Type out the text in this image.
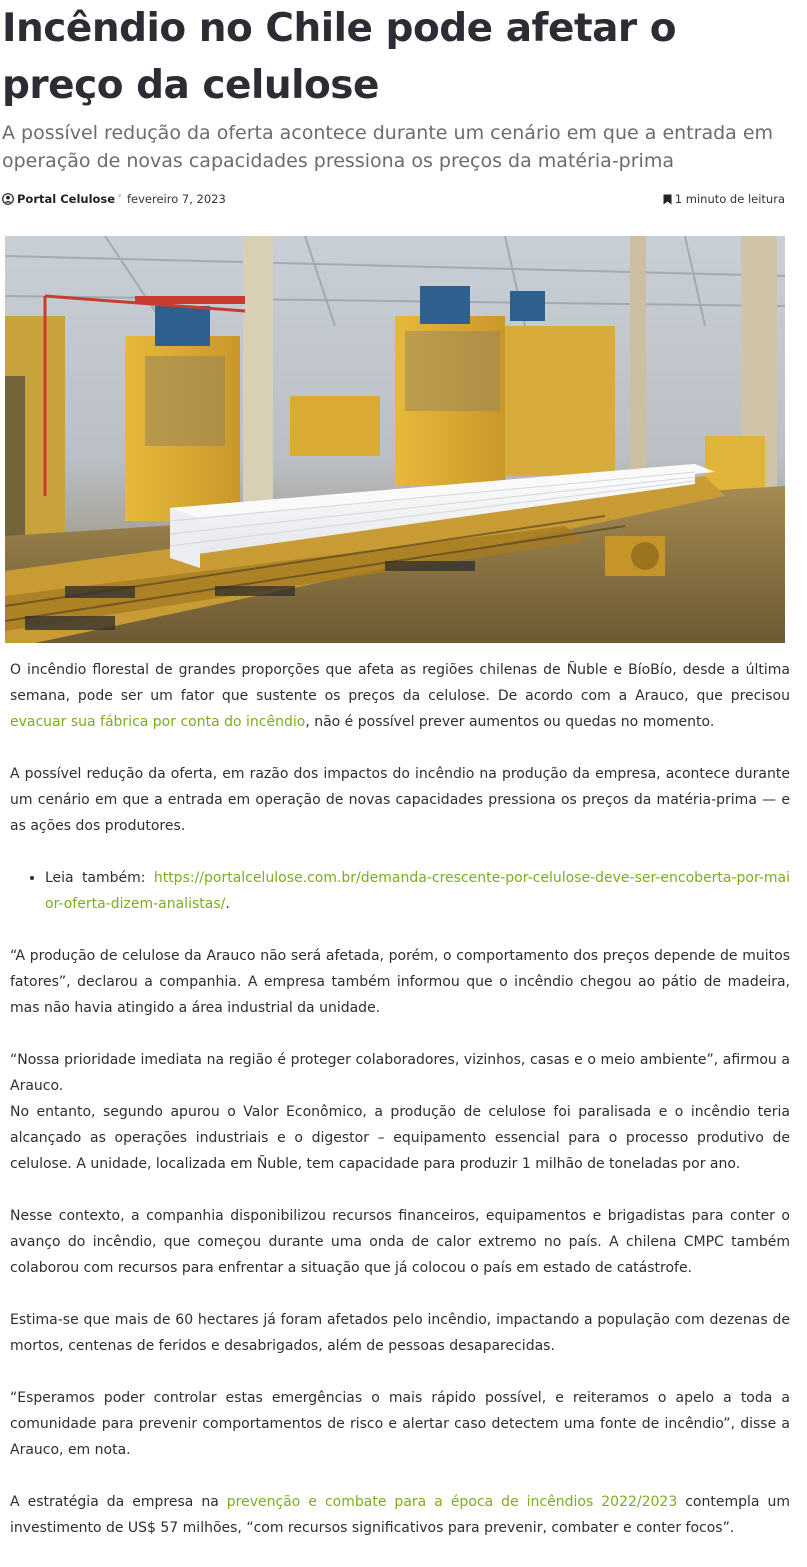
Incêndio no Chile pode afetar o preço da celulose
A possível redução da oferta acontece durante um cenário em que a entrada em operação de novas capacidades pressiona os preços da matéria-prima
Portal Celulose • fevereiro 7, 2023	1 minuto de leitura

O incêndio florestal de grandes proporções que afeta as regiões chilenas de Ñuble e BíoBío, desde a última semana, pode ser um fator que sustente os preços da celulose. De acordo com a Arauco, que precisou evacuar sua fábrica por conta do incêndio, não é possível prever aumentos ou quedas no momento.

A possível redução da oferta, em razão dos impactos do incêndio na produção da empresa, acontece durante um cenário em que a entrada em operação de novas capacidades pressiona os preços da matéria-prima — e as ações dos produtores.

• Leia também: https://portalcelulose.com.br/demanda-crescente-por-celulose-deve-ser-encoberta-por-maior-oferta-dizem-analistas/.

“A produção de celulose da Arauco não será afetada, porém, o comportamento dos preços depende de muitos fatores”, declarou a companhia. A empresa também informou que o incêndio chegou ao pátio de madeira, mas não havia atingido a área industrial da unidade.

“Nossa prioridade imediata na região é proteger colaboradores, vizinhos, casas e o meio ambiente”, afirmou a Arauco.

No entanto, segundo apurou o Valor Econômico, a produção de celulose foi paralisada e o incêndio teria alcançado as operações industriais e o digestor – equipamento essencial para o processo produtivo de celulose. A unidade, localizada em Ñuble, tem capacidade para produzir 1 milhão de toneladas por ano.

Nesse contexto, a companhia disponibilizou recursos financeiros, equipamentos e brigadistas para conter o avanço do incêndio, que começou durante uma onda de calor extremo no país. A chilena CMPC também colaborou com recursos para enfrentar a situação que já colocou o país em estado de catástrofe.

Estima-se que mais de 60 hectares já foram afetados pelo incêndio, impactando a população com dezenas de mortos, centenas de feridos e desabrigados, além de pessoas desaparecidas.

“Esperamos poder controlar estas emergências o mais rápido possível, e reiteramos o apelo a toda a comunidade para prevenir comportamentos de risco e alertar caso detectem uma fonte de incêndio”, disse a Arauco, em nota.

A estratégia da empresa na prevenção e combate para a época de incêndios 2022/2023 contempla um investimento de US$ 57 milhões, “com recursos significativos para prevenir, combater e conter focos”.
